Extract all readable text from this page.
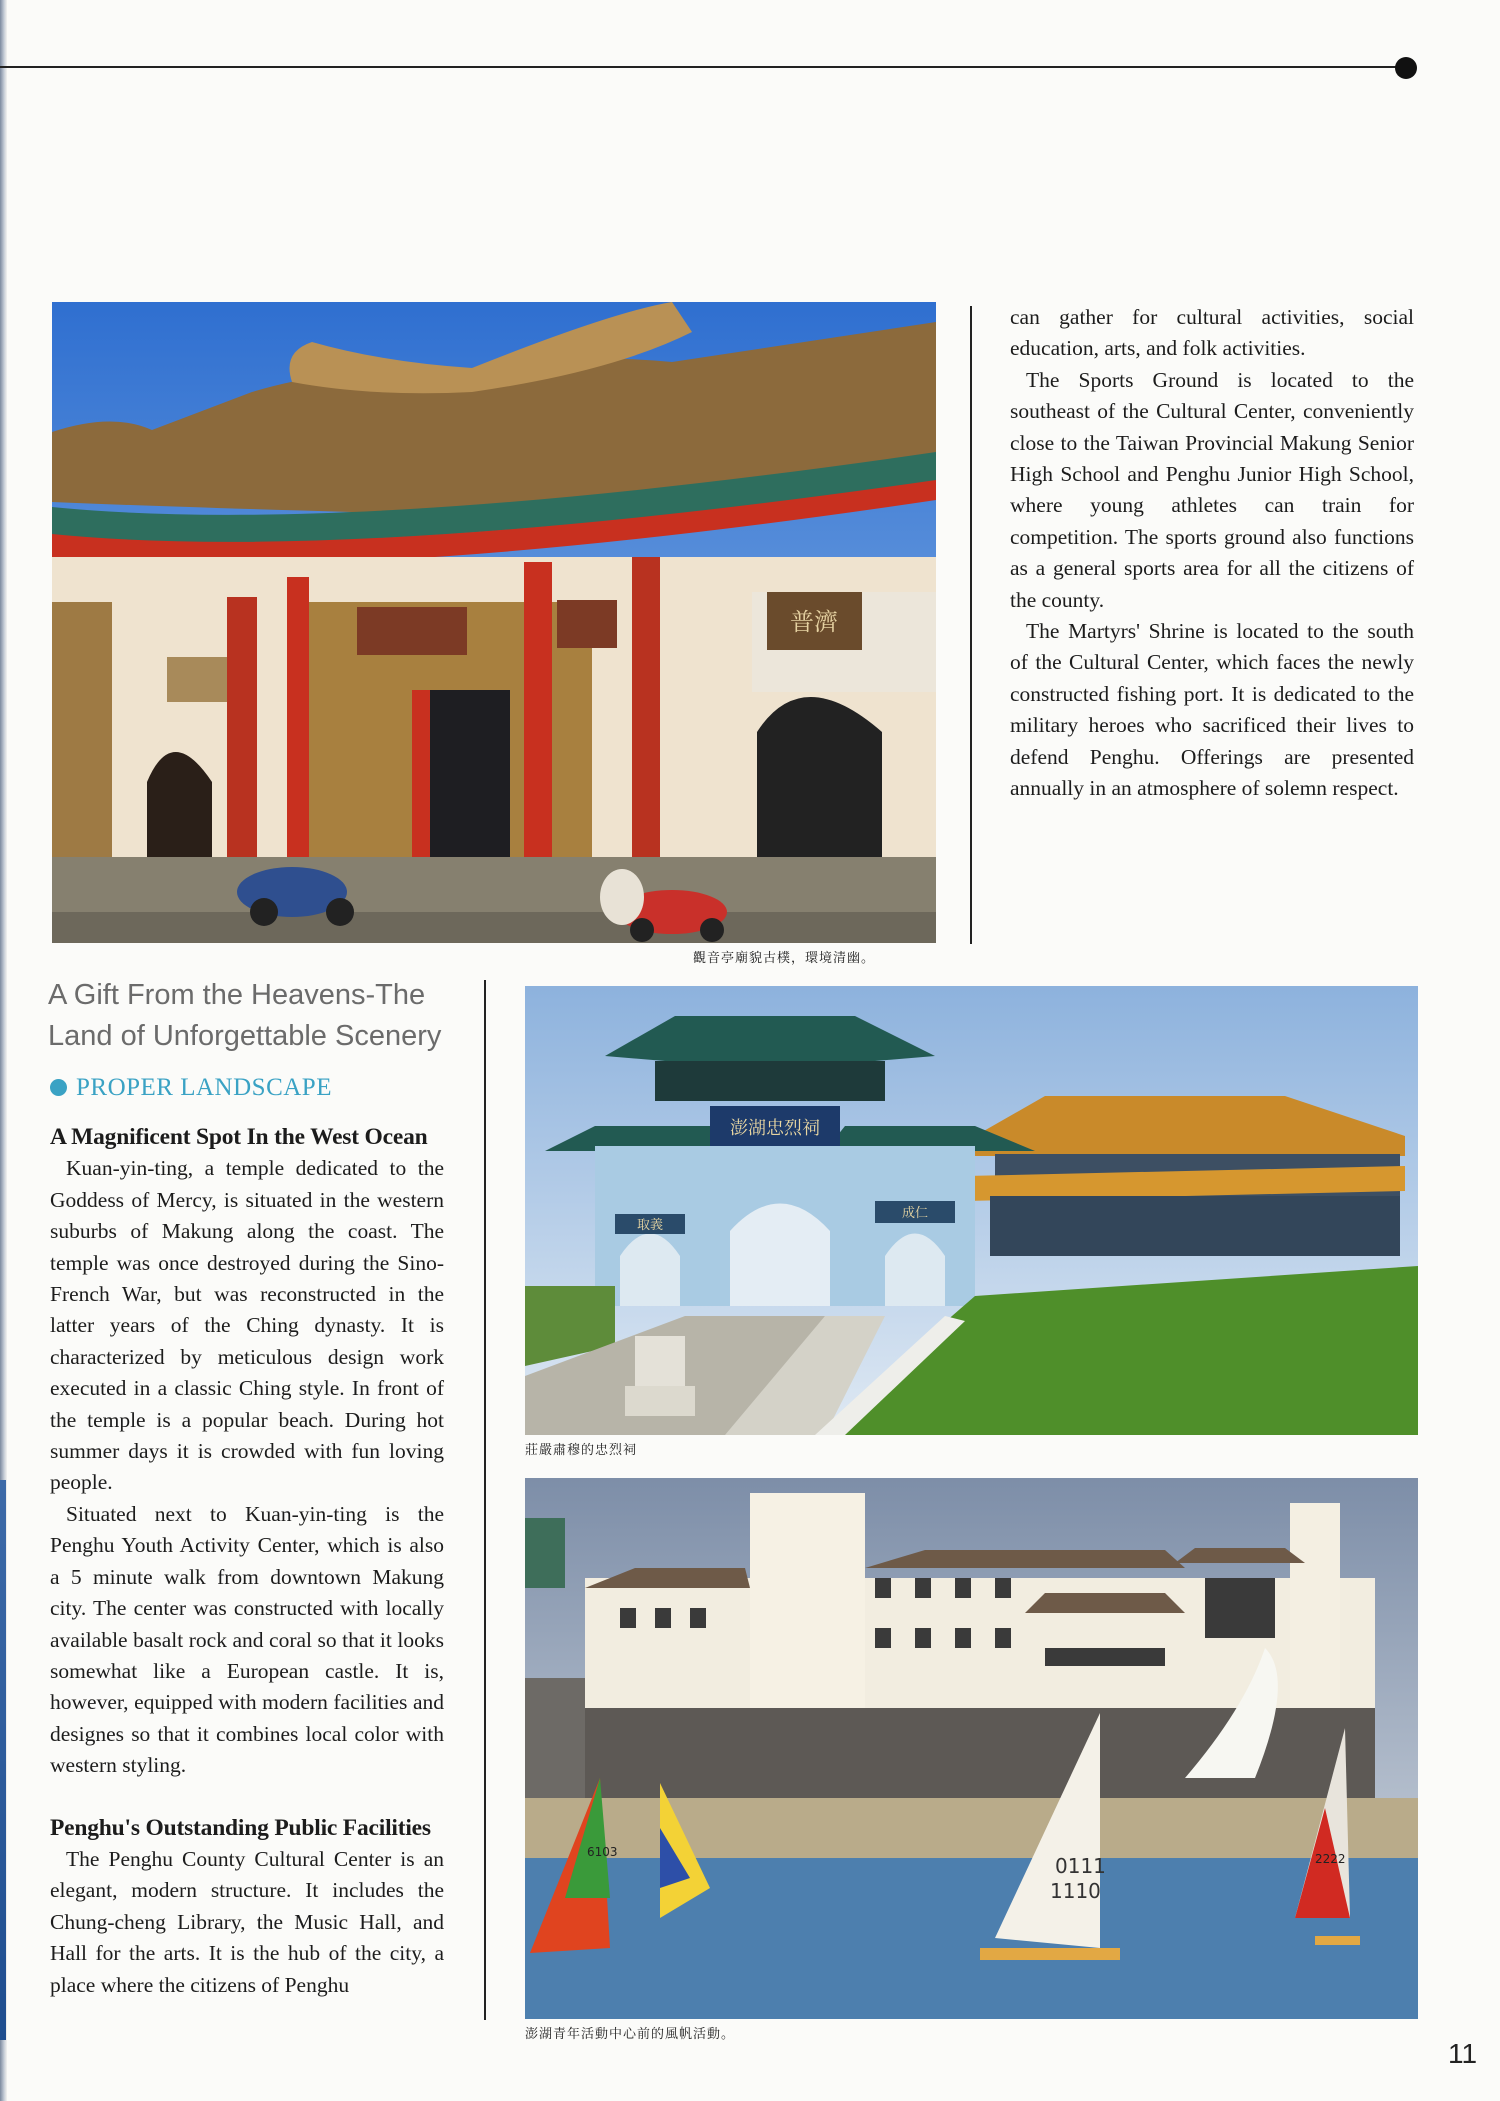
普濟
觀音亭廟貌古樸，環境清幽。

can gather for cultural activities, social education, arts, and folk activities.

The Sports Ground is located to the southeast of the Cultural Center, conveniently close to the Taiwan Provincial Makung Senior High School and Penghu Junior High School, where young athletes can train for competition. The sports ground also functions as a general sports area for all the citizens of the county.

The Martyrs' Shrine is located to the south of the Cultural Center, which faces the newly constructed fishing port. It is dedicated to the military heroes who sacrificed their lives to defend Penghu. Offerings are presented annually in an atmosphere of solemn respect.

A Gift From the Heavens-The
Land of Unforgettable Scenery
PROPER LANDSCAPE

A Magnificent Spot In the West Ocean

Kuan-yin-ting, a temple dedicated to the Goddess of Mercy, is situated in the western suburbs of Makung along the coast. The temple was once destroyed during the Sino-French War, but was reconstructed in the latter years of the Ching dynasty. It is characterized by meticulous design work executed in a classic Ching style. In front of the temple is a popular beach. During hot summer days it is crowded with fun loving people.

Situated next to Kuan-yin-ting is the Penghu Youth Activity Center, which is also a 5 minute walk from downtown Makung city. The center was constructed with locally available basalt rock and coral so that it looks somewhat like a European castle. It is, however, equipped with modern facilities and designes so that it combines local color with western styling.

Penghu's Outstanding Public Facilities

The Penghu County Cultural Center is an elegant, modern structure. It includes the Chung-cheng Library, the Music Hall, and Hall for the arts. It is the hub of the city, a place where the citizens of Penghu

澎湖忠烈祠
取義
成仁
莊嚴肅穆的忠烈祠
6103
0111
1110
2222
澎湖青年活動中心前的風帆活動。
11
